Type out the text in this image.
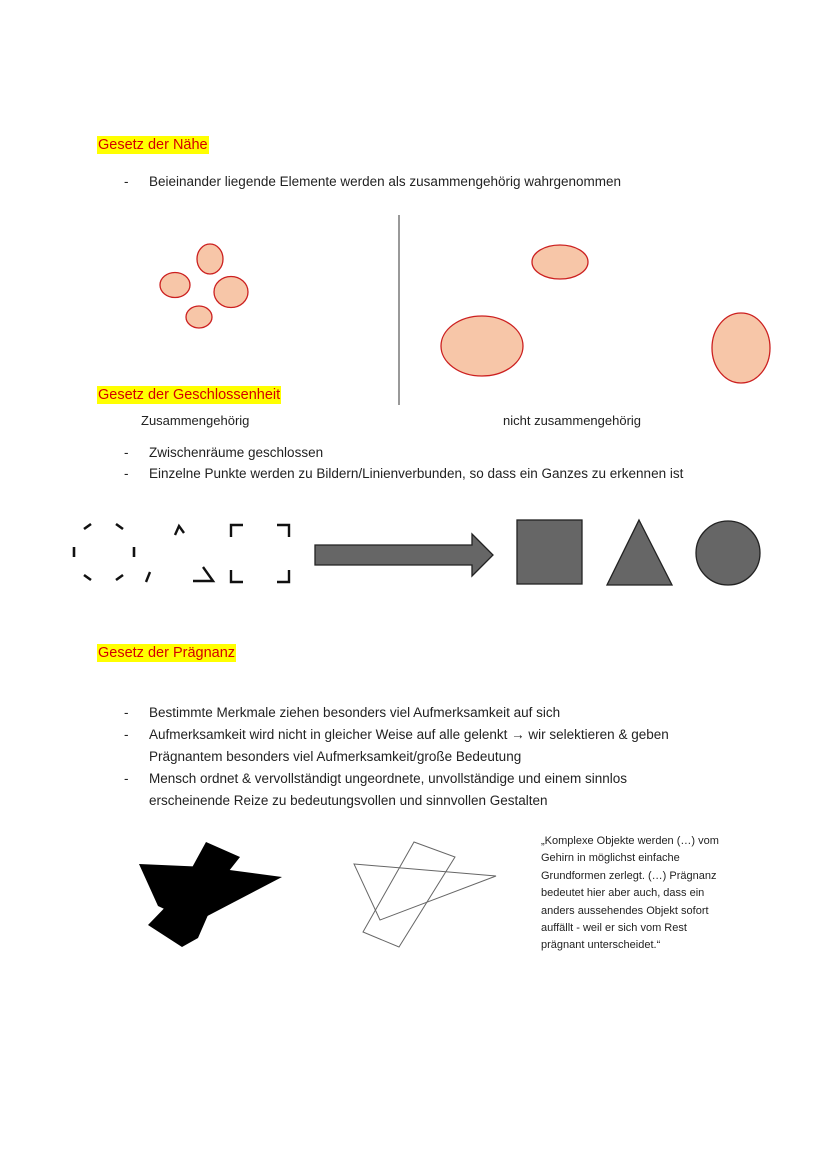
Gesetz der Nähe
- Beieinander liegende Elemente werden als zusammengehörig wahrgenommen
Gesetz der Geschlossenheit
Zusammengehörig	nicht zusammengehörig
- Zwischenräume geschlossen
- Einzelne Punkte werden zu Bildern/Linienverbunden, so dass ein Ganzes zu erkennen ist
Gesetz der Prägnanz
- Bestimmte Merkmale ziehen besonders viel Aufmerksamkeit auf sich
- Aufmerksamkeit wird nicht in gleicher Weise auf alle gelenkt → wir selektieren & geben
Prägnantem besonders viel Aufmerksamkeit/große Bedeutung
- Mensch ordnet & vervollständigt ungeordnete, unvollständige und einem sinnlos
erscheinende Reize zu bedeutungsvollen und sinnvollen Gestalten
„Komplexe Objekte werden (…) vom
Gehirn in möglichst einfache
Grundformen zerlegt. (…) Prägnanz
bedeutet hier aber auch, dass ein
anders aussehendes Objekt sofort
auffällt - weil er sich vom Rest
prägnant unterscheidet.“
